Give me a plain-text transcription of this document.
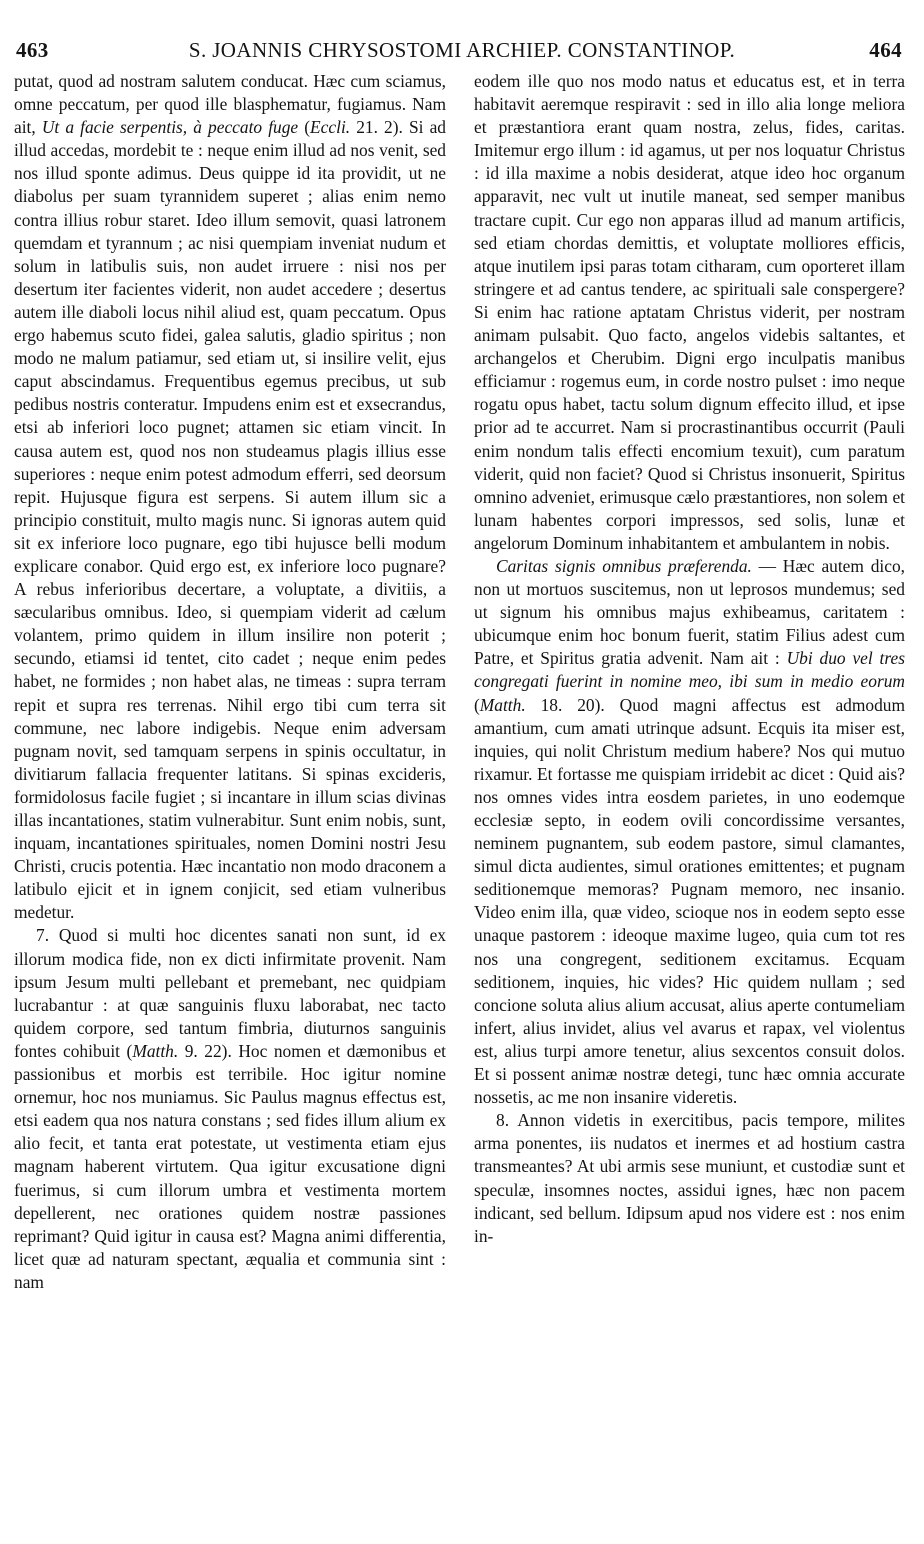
463	S. JOANNIS CHRYSOSTOMI ARCHIEP. CONSTANTINOP.	464

putat, quod ad nostram salutem conducat. Hæc cum sciamus, omne peccatum, per quod ille blasphematur, fugiamus. Nam ait, Ut a facie serpentis, à peccato fuge (Eccli. 21. 2). Si ad illud accedas, mordebit te : neque enim illud ad nos venit, sed nos illud sponte adimus. Deus quippe id ita providit, ut ne diabolus per suam tyrannidem superet ; alias enim nemo contra illius robur staret. Ideo illum semovit, quasi latronem quemdam et tyrannum ; ac nisi quempiam inveniat nudum et solum in latibulis suis, non audet irruere : nisi nos per desertum iter facientes viderit, non audet accedere ; desertus autem ille diaboli locus nihil aliud est, quam peccatum. Opus ergo habemus scuto fidei, galea salutis, gladio spiritus ; non modo ne malum patiamur, sed etiam ut, si insilire velit, ejus caput abscindamus. Frequentibus egemus precibus, ut sub pedibus nostris conteratur. Impudens enim est et exsecrandus, etsi ab inferiori loco pugnet; attamen sic etiam vincit. In causa autem est, quod nos non studeamus plagis illius esse superiores : neque enim potest admodum efferri, sed deorsum repit. Hujusque figura est serpens. Si autem illum sic a principio constituit, multo magis nunc. Si ignoras autem quid sit ex inferiore loco pugnare, ego tibi hujusce belli modum explicare conabor. Quid ergo est, ex inferiore loco pugnare? A rebus inferioribus decertare, a voluptate, a divitiis, a sæcularibus omnibus. Ideo, si quempiam viderit ad cælum volantem, primo quidem in illum insilire non poterit ; secundo, etiamsi id tentet, cito cadet ; neque enim pedes habet, ne formides ; non habet alas, ne timeas : supra terram repit et supra res terrenas. Nihil ergo tibi cum terra sit commune, nec labore indigebis. Neque enim adversam pugnam novit, sed tamquam serpens in spinis occultatur, in divitiarum fallacia frequenter latitans. Si spinas excideris, formidolosus facile fugiet ; si incantare in illum scias divinas illas incantationes, statim vulnerabitur. Sunt enim nobis, sunt, inquam, incantationes spirituales, nomen Domini nostri Jesu Christi, crucis potentia. Hæc incantatio non modo draconem a latibulo ejicit et in ignem conjicit, sed etiam vulneribus medetur.

7. Quod si multi hoc dicentes sanati non sunt, id ex illorum modica fide, non ex dicti infirmitate provenit. Nam ipsum Jesum multi pellebant et premebant, nec quidpiam lucrabantur : at quæ sanguinis fluxu laborabat, nec tacto quidem corpore, sed tantum fimbria, diuturnos sanguinis fontes cohibuit (Matth. 9. 22). Hoc nomen et dæmonibus et passionibus et morbis est terribile. Hoc igitur nomine ornemur, hoc nos muniamus. Sic Paulus magnus effectus est, etsi eadem qua nos natura constans ; sed fides illum alium ex alio fecit, et tanta erat potestate, ut vestimenta etiam ejus magnam haberent virtutem. Qua igitur excusatione digni fuerimus, si cum illorum umbra et vestimenta mortem depellerent, nec orationes quidem nostræ passiones reprimant? Quid igitur in causa est? Magna animi differentia, licet quæ ad naturam spectant, æqualia et communia sint : nam

eodem ille quo nos modo natus et educatus est, et in terra habitavit aeremque respiravit : sed in illo alia longe meliora et præstantiora erant quam nostra, zelus, fides, caritas. Imitemur ergo illum : id agamus, ut per nos loquatur Christus : id illa maxime a nobis desiderat, atque ideo hoc organum apparavit, nec vult ut inutile maneat, sed semper manibus tractare cupit. Cur ego non apparas illud ad manum artificis, sed etiam chordas demittis, et voluptate molliores efficis, atque inutilem ipsi paras totam citharam, cum oporteret illam stringere et ad cantus tendere, ac spirituali sale conspergere? Si enim hac ratione aptatam Christus viderit, per nostram animam pulsabit. Quo facto, angelos videbis saltantes, et archangelos et Cherubim. Digni ergo inculpatis manibus efficiamur : rogemus eum, in corde nostro pulset : imo neque rogatu opus habet, tactu solum dignum effecito illud, et ipse prior ad te accurret. Nam si procrastinantibus occurrit (Pauli enim nondum talis effecti encomium texuit), cum paratum viderit, quid non faciet? Quod si Christus insonuerit, Spiritus omnino adveniet, erimusque cælo præstantiores, non solem et lunam habentes corpori impressos, sed solis, lunæ et angelorum Dominum inhabitantem et ambulantem in nobis.

Caritas signis omnibus præferenda. — Hæc autem dico, non ut mortuos suscitemus, non ut leprosos mundemus; sed ut signum his omnibus majus exhibeamus, caritatem : ubicumque enim hoc bonum fuerit, statim Filius adest cum Patre, et Spiritus gratia advenit. Nam ait : Ubi duo vel tres congregati fuerint in nomine meo, ibi sum in medio eorum (Matth. 18. 20). Quod magni affectus est admodum amantium, cum amati utrinque adsunt. Ecquis ita miser est, inquies, qui nolit Christum medium habere? Nos qui mutuo rixamur. Et fortasse me quispiam irridebit ac dicet : Quid ais? nos omnes vides intra eosdem parietes, in uno eodemque ecclesiæ septo, in eodem ovili concordissime versantes, neminem pugnantem, sub eodem pastore, simul clamantes, simul dicta audientes, simul orationes emittentes; et pugnam seditionemque memoras? Pugnam memoro, nec insanio. Video enim illa, quæ video, scioque nos in eodem septo esse unaque pastorem : ideoque maxime lugeo, quia cum tot res nos una congregent, seditionem excitamus. Ecquam seditionem, inquies, hic vides? Hic quidem nullam ; sed concione soluta alius alium accusat, alius aperte contumeliam infert, alius invidet, alius vel avarus et rapax, vel violentus est, alius turpi amore tenetur, alius sexcentos consuit dolos. Et si possent animæ nostræ detegi, tunc hæc omnia accurate nossetis, ac me non insanire videretis.

8. Annon videtis in exercitibus, pacis tempore, milites arma ponentes, iis nudatos et inermes et ad hostium castra transmeantes? At ubi armis sese muniunt, et custodiæ sunt et speculæ, insomnes noctes, assidui ignes, hæc non pacem indicant, sed bellum. Idipsum apud nos videre est : nos enim in-
